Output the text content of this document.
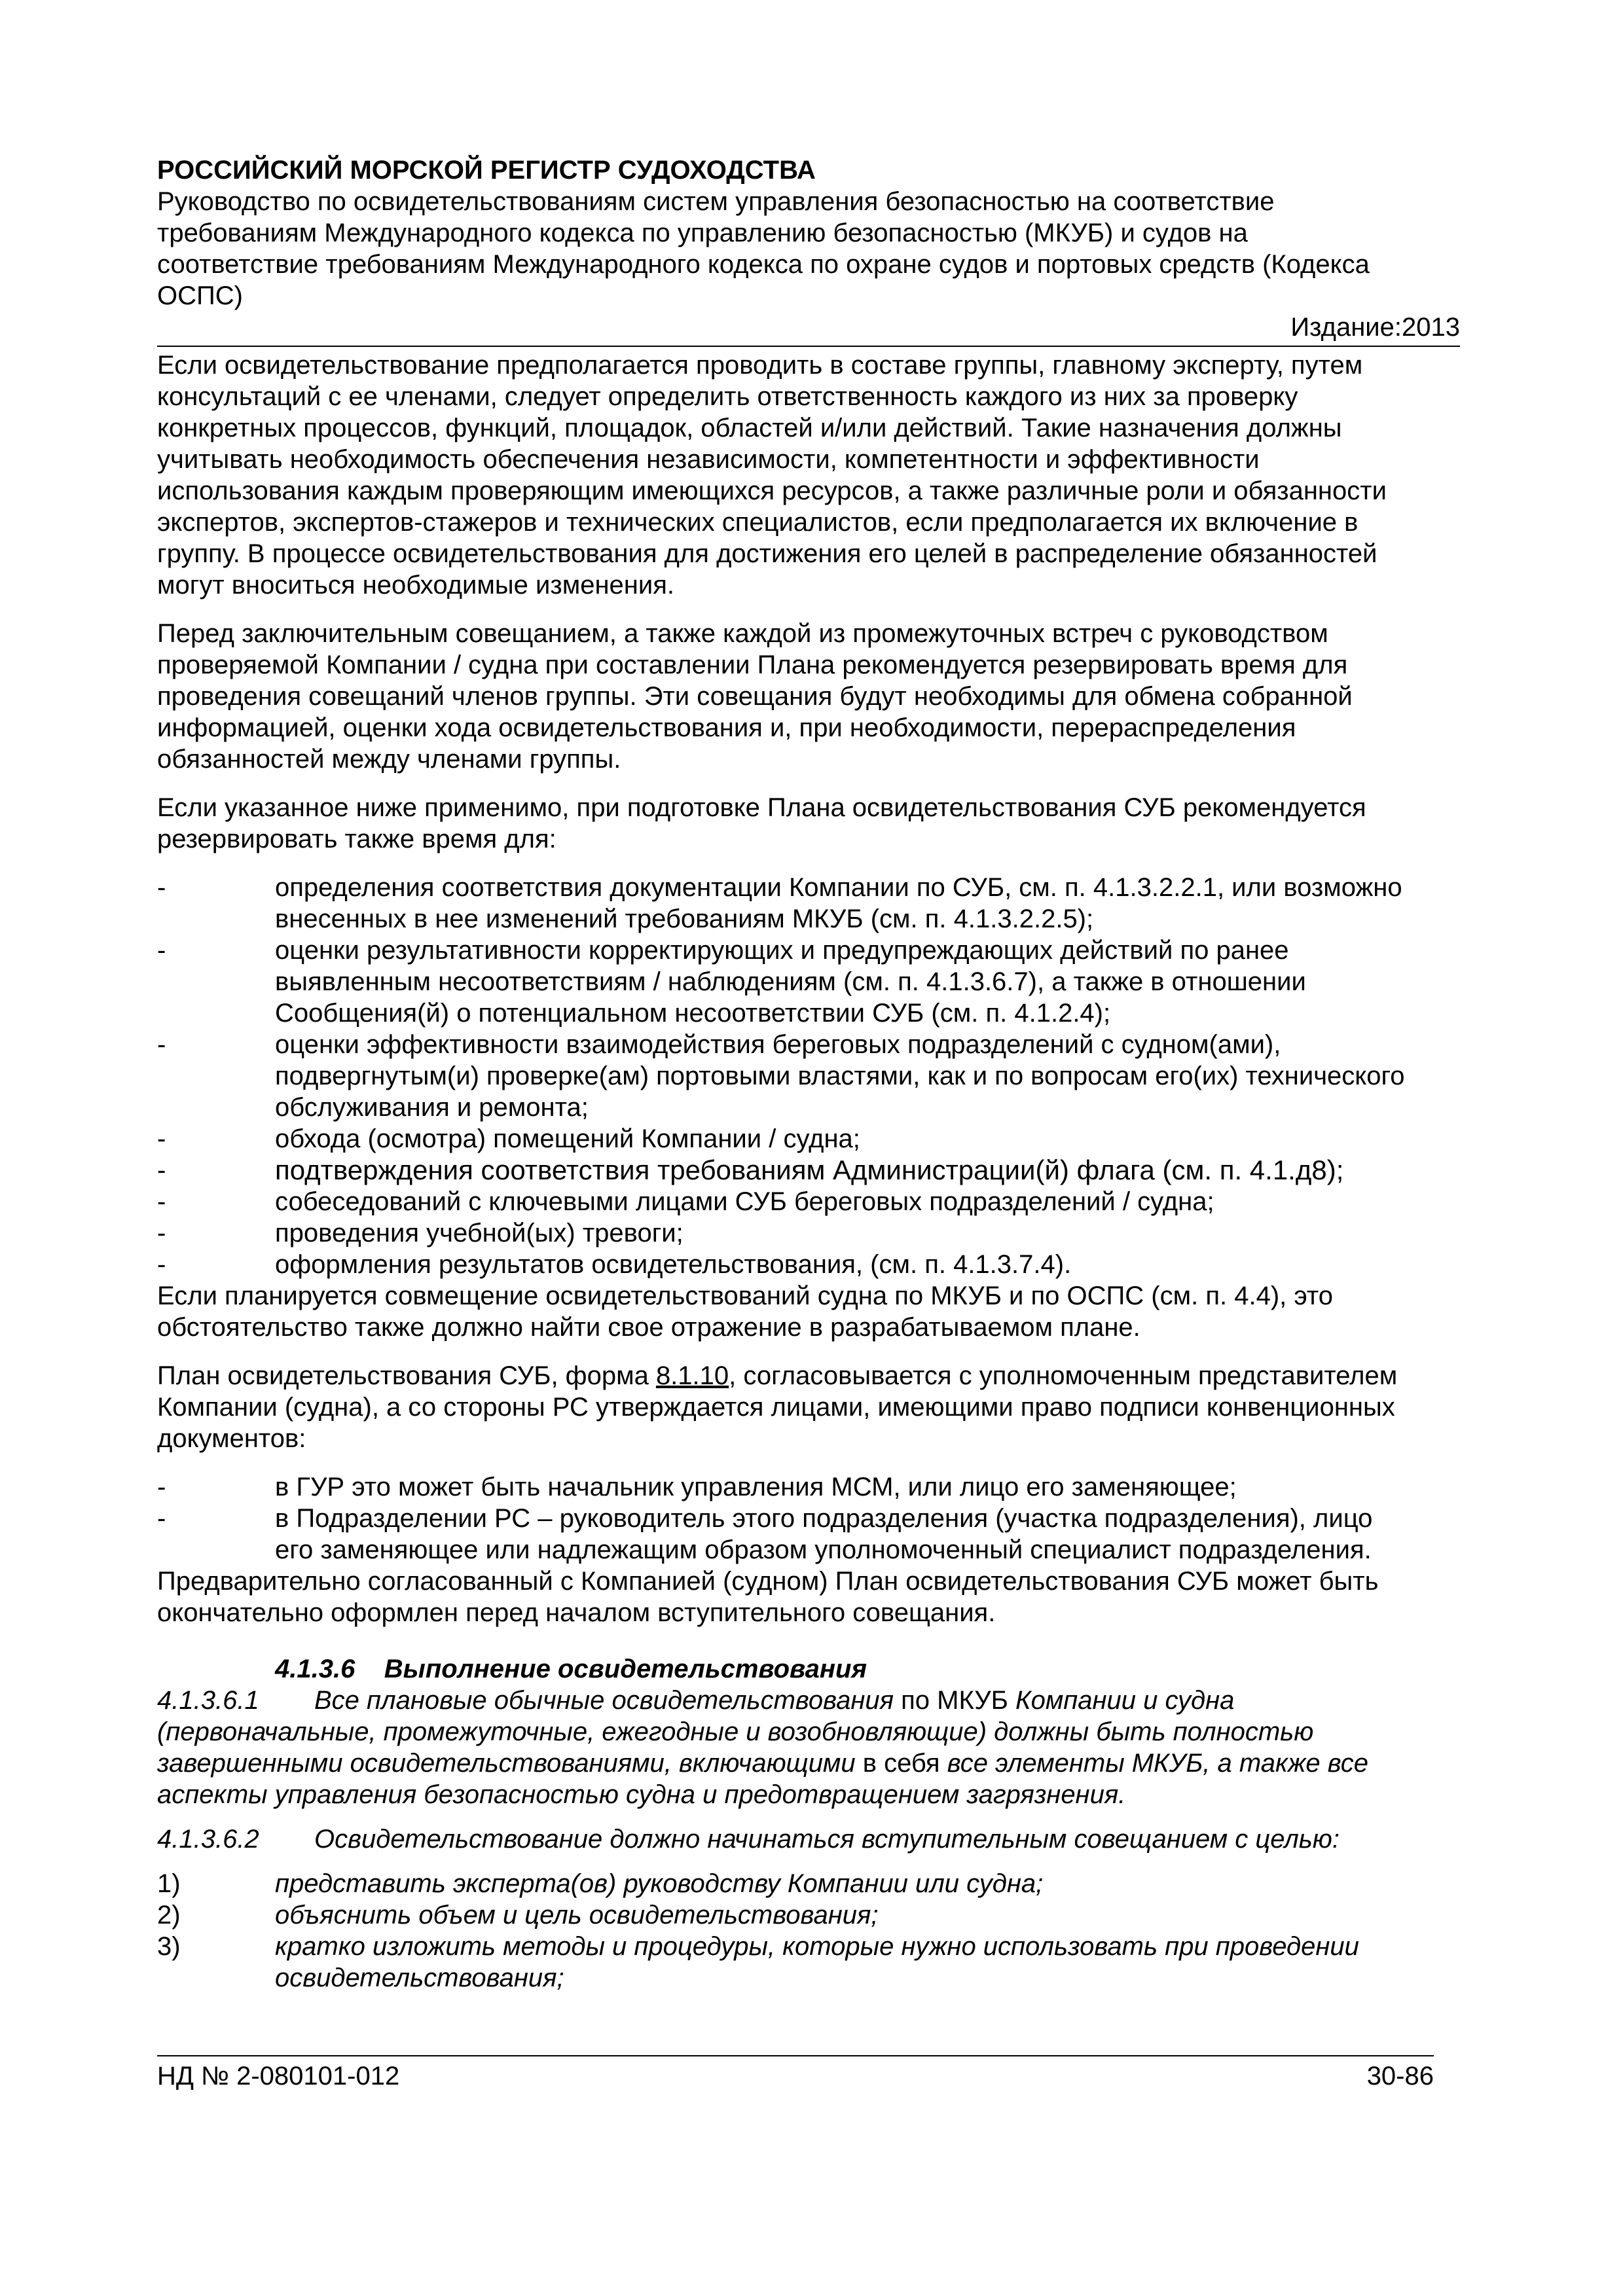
РОССИЙСКИЙ МОРСКОЙ РЕГИСТР СУДОХОДСТВА
Руководство по освидетельствованиям систем управления безопасностью на соответствие
требованиям Международного кодекса по управлению безопасностью (МКУБ) и судов на
соответствие требованиям Международного кодекса по охране судов и портовых средств (Кодекса
ОСПС)
Издание:2013
Если освидетельствование предполагается проводить в составе группы, главному эксперту, путем
консультаций с ее членами, следует определить ответственность каждого из них за проверку
конкретных процессов, функций, площадок, областей и/или действий. Такие назначения должны
учитывать необходимость обеспечения независимости, компетентности и эффективности
использования каждым проверяющим имеющихся ресурсов, а также различные роли и обязанности
экспертов, экспертов-стажеров и технических специалистов, если предполагается их включение в
группу. В процессе освидетельствования для достижения его целей в распределение обязанностей
могут вноситься необходимые изменения.
Перед заключительным совещанием, а также каждой из промежуточных встреч с руководством
проверяемой Компании / судна при составлении Плана рекомендуется резервировать время для
проведения совещаний членов группы. Эти совещания будут необходимы для обмена собранной
информацией, оценки хода освидетельствования и, при необходимости, перераспределения
обязанностей между членами группы.
Если указанное ниже применимо, при подготовке Плана освидетельствования СУБ рекомендуется
резервировать также время для:
-	определения соответствия документации Компании по СУБ, см. п. 4.1.3.2.2.1, или возможно
внесенных в нее изменений требованиям МКУБ (см. п. 4.1.3.2.2.5);
-	оценки результативности корректирующих и предупреждающих действий по ранее
выявленным несоответствиям / наблюдениям (см. п. 4.1.3.6.7), а также в отношении
Сообщения(й) о потенциальном несоответствии СУБ (см. п. 4.1.2.4);
-	оценки эффективности взаимодействия береговых подразделений с судном(ами),
подвергнутым(и) проверке(ам) портовыми властями, как и по вопросам его(их) технического
обслуживания и ремонта;
-	обхода (осмотра) помещений Компании / судна;
-	подтверждения соответствия требованиям Администрации(й) флага (см. п. 4.1.д8);
-	собеседований с ключевыми лицами СУБ береговых подразделений / судна;
-	проведения учебной(ых) тревоги;
-	оформления результатов освидетельствования, (см. п. 4.1.3.7.4).
Если планируется совмещение освидетельствований судна по МКУБ и по ОСПС (см. п. 4.4), это
обстоятельство также должно найти свое отражение в разрабатываемом плане.
План освидетельствования СУБ, форма 8.1.10, согласовывается с уполномоченным представителем
Компании (судна), а со стороны РС утверждается лицами, имеющими право подписи конвенционных
документов:
-	в ГУР это может быть начальник управления МСМ, или лицо его заменяющее;
-	в Подразделении РС – руководитель этого подразделения (участка подразделения), лицо
его заменяющее или надлежащим образом уполномоченный специалист подразделения.
Предварительно согласованный с Компанией (судном) План освидетельствования СУБ может быть
окончательно оформлен перед началом вступительного совещания.
4.1.3.6 Выполнение освидетельствования
4.1.3.6.1 Все плановые обычные освидетельствования по МКУБ Компании и судна
(первоначальные, промежуточные, ежегодные и возобновляющие) должны быть полностью
завершенными освидетельствованиями, включающими в себя все элементы МКУБ, а также все
аспекты управления безопасностью судна и предотвращением загрязнения.
4.1.3.6.2 Освидетельствование должно начинаться вступительным совещанием с целью:
1)	представить эксперта(ов) руководству Компании или судна;
2)	объяснить объем и цель освидетельствования;
3)	кратко изложить методы и процедуры, которые нужно использовать при проведении
освидетельствования;
НД № 2-080101-012	30-86
